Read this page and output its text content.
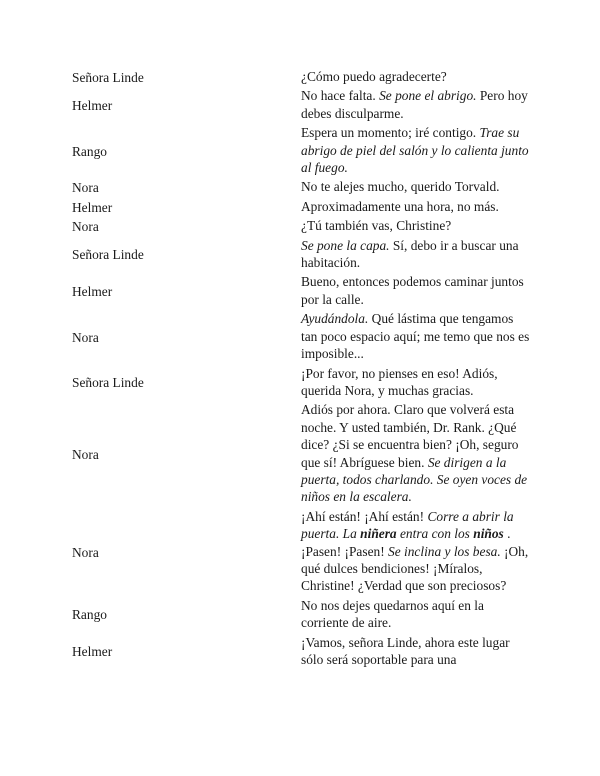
Señora Linde	¿Cómo puedo agradecerte?
Helmer	No hace falta. Se pone el abrigo. Pero hoy debes disculparme.
Rango	Espera un momento; iré contigo. Trae su abrigo de piel del salón y lo calienta junto al fuego.
Nora	No te alejes mucho, querido Torvald.
Helmer	Aproximadamente una hora, no más.
Nora	¿Tú también vas, Christine?
Señora Linde	Se pone la capa. Sí, debo ir a buscar una habitación.
Helmer	Bueno, entonces podemos caminar juntos por la calle.
Nora	Ayudándola. Qué lástima que tengamos tan poco espacio aquí; me temo que nos es imposible...
Señora Linde	¡Por favor, no pienses en eso! Adiós, querida Nora, y muchas gracias.
Nora	Adiós por ahora. Claro que volverá esta noche. Y usted también, Dr. Rank. ¿Qué dice? ¿Si se encuentra bien? ¡Oh, seguro que sí! Abríguese bien. Se dirigen a la puerta, todos charlando. Se oyen voces de niños en la escalera.
Nora	¡Ahí están! ¡Ahí están! Corre a abrir la puerta. La niñera entra con los niños . ¡Pasen! ¡Pasen! Se inclina y los besa. ¡Oh, qué dulces bendiciones! ¡Míralos, Christine! ¿Verdad que son preciosos?
Rango	No nos dejes quedarnos aquí en la corriente de aire.
Helmer	¡Vamos, señora Linde, ahora este lugar sólo será soportable para una
